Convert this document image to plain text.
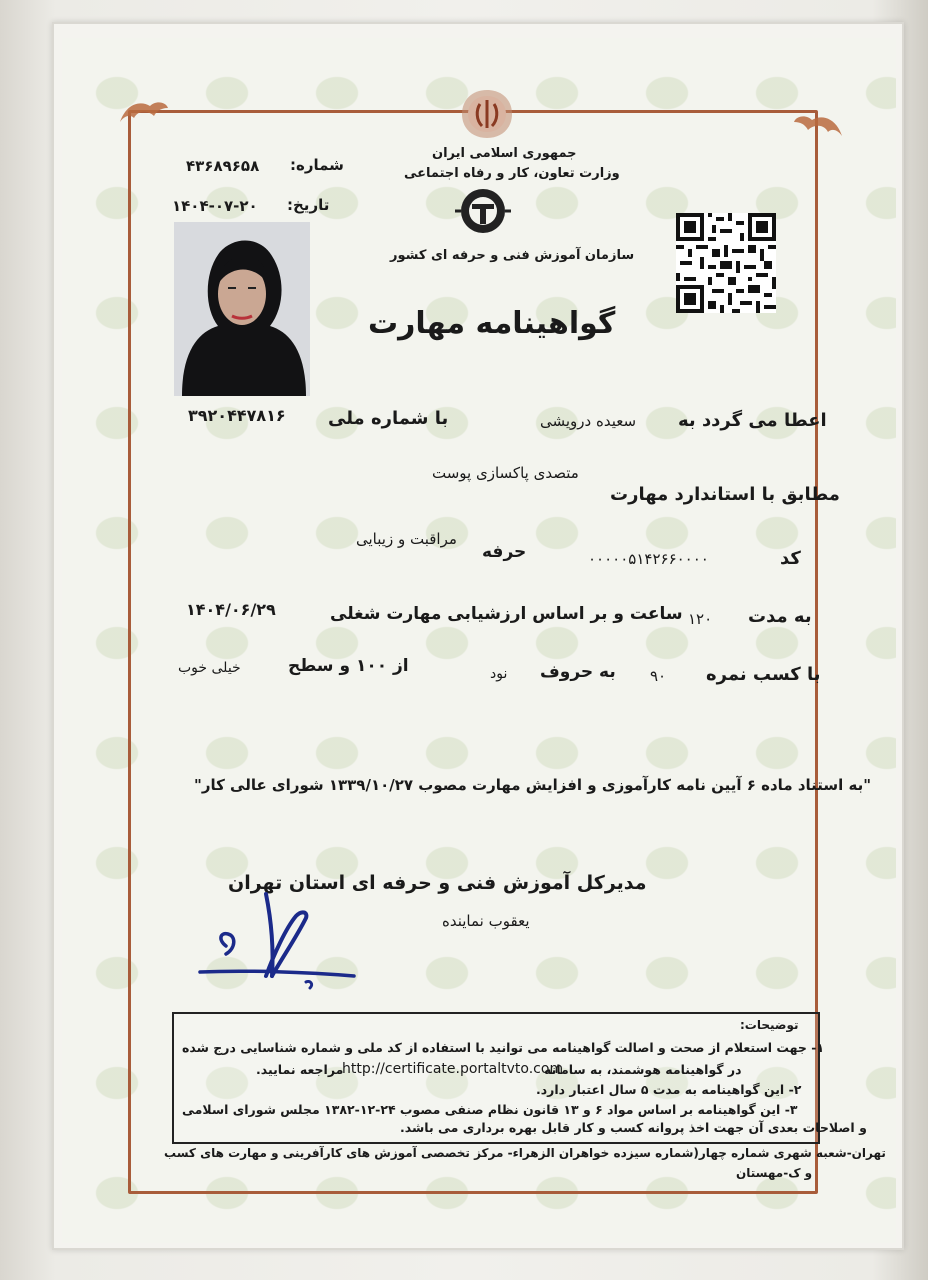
جمهوری اسلامی ایران
وزارت تعاون، کار و رفاه اجتماعی
سازمان آموزش فنی و حرفه ای کشور
شماره:
۴۳۶۸۹۶۵۸
تاریخ:
۱۴۰۴-۰۷-۲۰
گواهینامه مهارت
اعطا می گردد به
سعیده درویشی
با شماره ملی
۳۹۲۰۴۴۷۸۱۶
متصدی پاکسازی پوست
مطابق با استاندارد مهارت
کد
۰۰۰۰۰۵۱۴۲۶۶۰۰۰۰
حرفه
مراقبت و زیبایی
به مدت
۱۲۰
ساعت و بر اساس ارزشیابی مهارت شغلی
۱۴۰۴/۰۶/۲۹
با کسب نمره
۹۰
به حروف
نود
از ۱۰۰ و سطح
خیلی خوب
"به استناد ماده ۶ آیین نامه کارآموزی و افزایش مهارت مصوب ۱۳۳۹/۱۰/۲۷ شورای عالی کار"
مدیرکل آموزش فنی و حرفه ای استان تهران
یعقوب نماینده
توضیحات:
۱- جهت استعلام از صحت و اصالت گواهینامه می توانید با استفاده از کد ملی و شماره شناسایی درج شده
در گواهینامه هوشمند، به سامانه
http://certificate.portaltvto.com
مراجعه نمایید.
۲- این گواهینامه به مدت ۵ سال اعتبار دارد.
۳- این گواهینامه بر اساس مواد ۶ و ۱۳ قانون نظام صنفی مصوب ۲۴-۱۲-۱۳۸۲ مجلس شورای اسلامی
و اصلاحات بعدی آن جهت اخذ پروانه کسب و کار قابل بهره برداری می باشد.
تهران-شعبه شهری شماره چهار(شماره سیزده خواهران الزهراء- مرکز تخصصی آموزش های کارآفرینی و مهارت های کسب
و ک-مهستان
